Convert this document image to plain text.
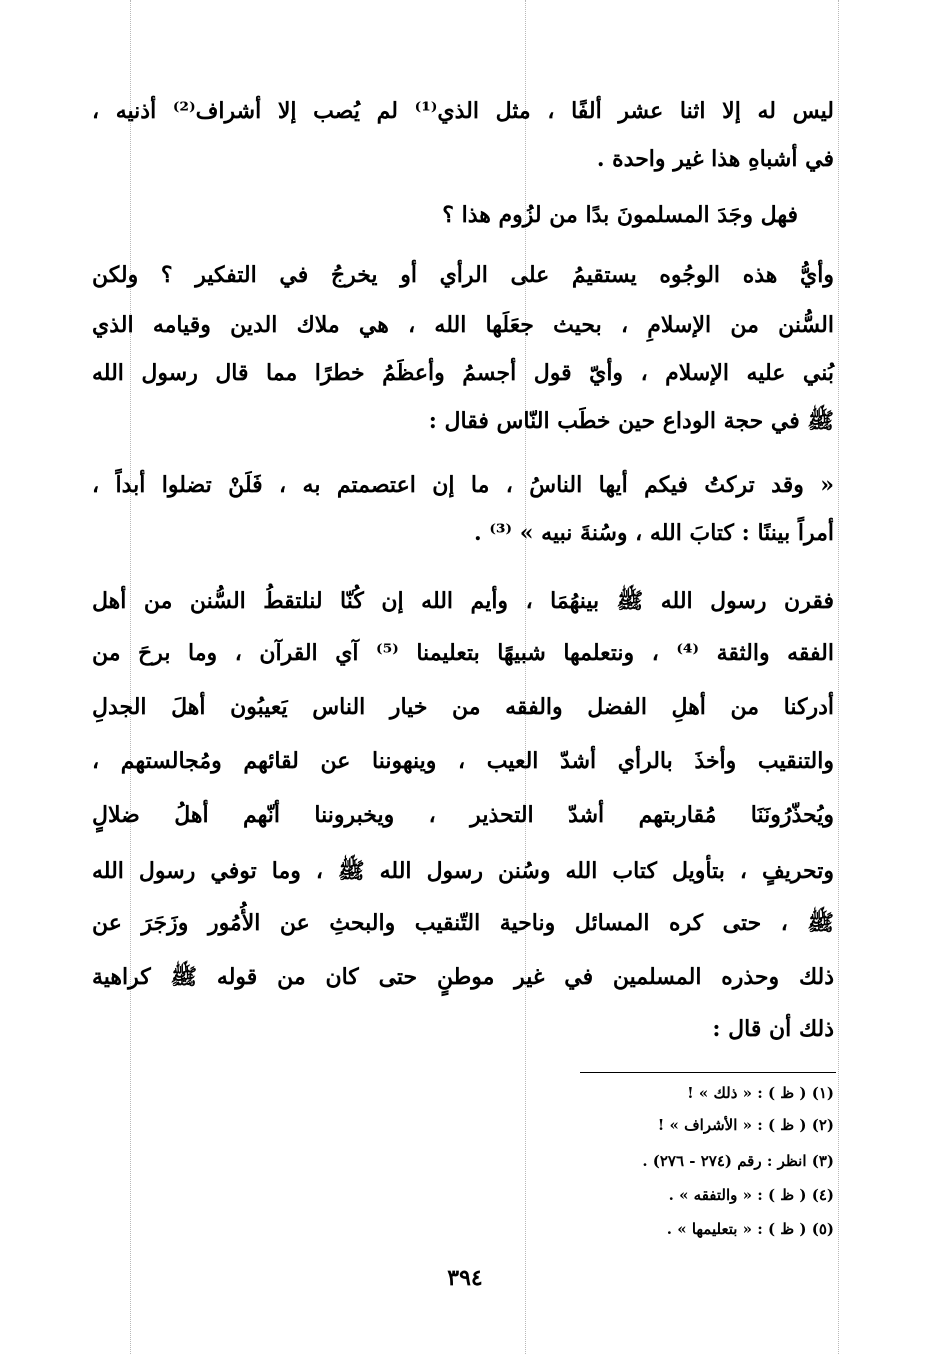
ليس له إلا اثنا عشر ألفًا ، مثل الذي⁽¹⁾ لم يُصب إلا أشراف⁽²⁾ أذنيه ،
في أشباهِ هذا غير واحدة .
فهل وجَدَ المسلمونَ بدًا من لزُوم هذا ؟
وأيُّ هذه الوجُوه يستقيمُ على الرأي أو يخرجُ في التفكير ؟ ولكن
السُّنن من الإسلامِ ، بحيث جعَلَها الله ، هي ملاك الدين وقيامه الذي
بُني عليه الإسلام ، وأيّ قول أجسمُ وأعظَمُ خطرًا مما قال رسول الله
ﷺ في حجة الوداع حين خطَب النّاس فقال :
« وقد تركتُ فيكم أيها الناسُ ، ما إن اعتصمتم به ، فَلَنْ تضلوا أبداً ،
أمراً بيننًا : كتابَ الله ، وسُنةَ نبيه » ⁽³⁾ .
فقرن رسول الله ﷺ بينهُمَا ، وأيم الله إن كُنّا لنلتقطُ السُّنن من أهل
الفقه والثقة ⁽⁴⁾ ، ونتعلمها شبيهًا بتعليمنا ⁽⁵⁾ آي القرآن ، وما برحَ من
أدركنا من أهلِ الفضل والفقه من خيار الناس يَعيبُون أهلَ الجدلِ
والتنقيب وأخذَ بالرأي أشدّ العيب ، وينهوننا عن لقائهم ومُجالستهم ،
ويُحذّرُونَنَا مُقاربتهم أشدّ التحذير ، ويخبروننا أنّهم أهلُ ضلالٍ
وتحريفٍ ، بتأويل كتاب الله وسُنن رسول الله ﷺ ، وما توفي رسول الله
ﷺ ، حتى كره المسائل وناحية التّنقيب والبحثِ عن الأُمُور وزَجَرَ عن
ذلك وحذره المسلمين في غير موطنٍ حتى كان من قوله ﷺ كراهية
ذلك أن قال :
(١) ( ظ ) : « ذلك » !
(٢) ( ظ ) : « الأشراف » !
(٣) انظر : رقم (٢٧٤ - ٢٧٦) .
(٤) ( ظ ) : « والتفقه » .
(٥) ( ظ ) : « بتعليمها » .
٣٩٤
